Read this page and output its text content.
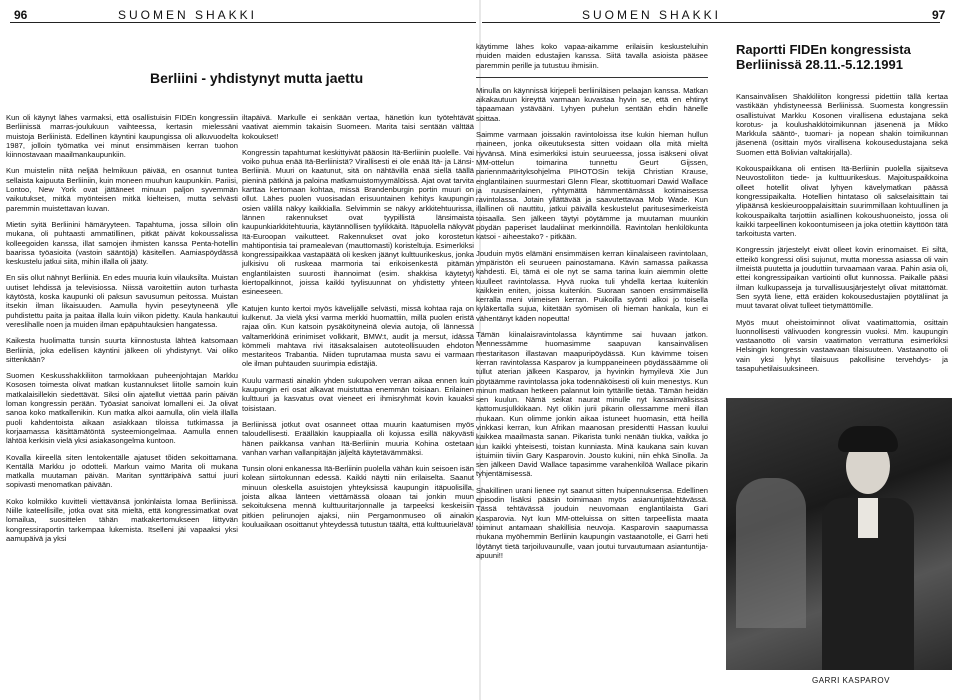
96	SUOMEN SHAKKI
Berliini - yhdistynyt mutta jaettu

Kun oli käynyt lähes varmaksi, että osallistuisin FIDEn kongressiin Berliinissä marras-joulukuun vaihteessa, kertasin mielessäni muistoja Berliinistä. Edellinen käyntini kaupungissa oli alkuvuodelta 1987, jolloin työmatka vei minut ensimmäisen kerran tuohon kiinnostavaan maailmankaupunkiin.

Kun muistelin niitä neljää helmikuun päivää, en osannut tuntea sellaista kaipuuta Berliiniin, kuin moneen muuhun kaupunkiin. Pariisi, Lontoo, New York ovat jättäneet minuun paljon syvemmän vaikutukset, mitkä myönteisen mitkä kielteisen, mutta selvästi paremmin muistettavan kuvan.

Mietin syitä Berliinini hämäryyteen. Tapahtuma, jossa silloin olin mukana, oli puhtaasti ammatillinen, pitkät päivät kokoussalissa kolleegoiden kanssa, illat samojen ihmisten kanssa Penta-hotellin baarissa työasioita (vastoin sääntöjä) käsitellen. Aamiaspöydässä keskustelu jatkui siitä, mihin illalla oli jääty.

En siis ollut nähnyt Berliiniä. En edes muuria kuin vilauksilta. Muistan uutiset lehdissä ja televisiossa. Niissä varoitettiin auton turhasta käytöstä, koska kaupunki oli paksun savusumun peitossa. Muistan itsekin ilman likaisuuden. Aamulla hyvin peseytyneenä ylle puhdistettu paita ja paitaa illalla kuin viikon pidetty. Kaula hankautui vereslihalle noen ja muiden ilman epäpuhtauksien hangatessa.

Kaikesta huolimatta tunsin suurta kiinnostusta lähteä katsomaan Berliiniä, joka edellisen käyntini jälkeen oli yhdistynyt. Vai oliko sittenkään?

Suomen Keskusshakkiliiton tarmokkaan puheenjohtajan Markku Kososen toimesta olivat matkan kustannukset liitolle samoin kuin matkalaisillekin siedettävät. Siksi olin ajatellut viettää parin päivän loman kongressin perään. Työasiat sanoivat lomalleni ei. Ja olivat sanoa koko matkallenikin. Kun matka alkoi aamulla, olin vielä illalla puoli kahdentoista aikaan asiakkaan tiloissa tutkimassa ja korjaamassa käsittämätöntä systeemiongelmaa. Aamulla ennen lähtöä kerkisin vielä yksi asiakasongelma kuntoon.

Kovalla kiireellä siten lentokentälle ajatuset tõiden sekoittamana. Kentällä Markku jo odotteli. Markun vaimo Marita oli mukana matkalla muutaman päivän. Maritan synttäripäivä sattui juuri sopivasti menomatkan päivään.

Koko kolmikko kuvitteli viettävänsä jonkinlaista lomaa Berliinissä. Niille kateellisille, jotka ovat sitä mieltä, että kongressimatkat ovat lomailua, suosittelen tähän matkakertomukseen liittyvän kongressiraportin tarkempaa lukemista. Itselleni jäi vapaaksi yksi aamupäivä ja yksi

iltapäivä. Markulle ei senkään vertaa, hänetkin kun työtehtävät vaativat aiemmin takaisin Suomeen. Marita taisi sentään välttää kokoukset!

Kongressin tapahtumat keskittyivät pääosin Itä-Berliinin puolelle. Vai voiko puhua enää Itä-Berliinistä? Virallisesti ei ole enää Itä- ja Länsi-Berliiniä. Muuri on kaatunut, sitä on nähtävillä enää siellä täällä pieninä pätkinä ja paloina matkamuistomyymälöissä. Ajat ovat tarvita karttaa kertomaan kohtaa, missä Brandenburgin portin muuri on ollut. Lähes puolen vuosisadan erisuuntainen kehitys kaupungin osien välillä näkyy kaikkialla. Selvimmin se näkyy arkkitehtuurissa, lännen rakennukset ovat tyypillistä länsimaista kaupunkiarkkitehtuuria, käytännöllisen tyylikkäitä. Itäpuolella näkyvät Itä-Euroopan vaikutteet. Rakennukset ovat joko korostetun mahtipontisia tai pramealevan (mauttomasti) koristeltuja. Esimerkiksi kongressipaikkaa vastapäätä oli kesken jäänyt kulttuurikeskus, jonka julkisivu oli ruskeaa marmoria tai erikoisenkestä pitämän englantilaisten suurosti ihannoimat (esim. shakkisa käytetyt) kiertopalkinnot, joissa kaikki tyylisuunnat on yhdistetty yhteen esineeseen.

Katujen kunto kertoi myös kävelijälle selvästi, missä kohtaa raja on kulkenut. Ja vielä yksi varma merkki huomattiin, millä puolen eristä rajaa olin. Kun katsoin pysäköityneinä olevia autoja, oli lännessä valtamerkkinä erinimiset volkkarit, BMW:t, audit ja mersut, idässä kömmeli mahtava rivi itäsaksalaisen autoteollisuuden ehdoton mestariteos Trabantia. Niiden tuprutamaa musta savu ei varmaan ole ilman puhtauden suurimpia edistäjiä.

Kuulu varmasti ainakin yhden sukupolven verran aikaa ennen kuin kaupungin eri osat alkavat muistuttaa enemmän toisiaan. Erilainen kulttuuri ja kasvatus ovat vieneet eri ihmisryhmät kovin kauaksi toisistaan.

Berliinissä jotkut ovat osanneet ottaa muurin kaatumisen myös taloudellisesti. Eräälläkin kauppiaalla oli kojussa esillä näkyvästi hänen paikkansa vanhan Itä-Berliinin muuria Kohina ostetaan vanhan varhan vallanpitäjän jäljeltä käytetävämmäksi.

Tunsin oloni enkanessa Itä-Berliinin puolella vähän kuin seisoen isän kolean siirtokunnan edessä. Kaikki näytti niin erilaiselta. Saanut minuun oleskella asuistojen yhteyksissä kaupungin itäpuolisilla, joista alkaa länteen viettämässä oloaan tai jonkin muun sekoituksena mennä kulttuuritarjonnalle ja tarpeeksi keskeisiin pitkien pelirunojen ajaksi, niin Pergamonmuseo oli ainakin kouluaikaan osoittanut yhteydessä tutustun täältä, että kulttuurielävä!

SUOMEN SHAKKI	97

käytimme lähes koko vapaa-aikamme erilaisiin keskusteluihin muiden maiden edustajien kanssa. Siitä tavalla asioista pääsee paremmin perille ja tutustuu ihmisiin.

Minulla on käynnissä kirjepeli berliiniläisen pelaajan kanssa. Matkan aikakautuun kireyttä varmaan kuvastaa hyvin se, että en ehtinyt tapaamaan ystävääni. Lyhyen puhelun sentään ehdin hänelle soittaa.

Saimme varmaan joissakin ravintoloissa itse kukin hieman hullun maineen, jonka oikeutuksesta sitten voidaan olla mitä mieltä hyvänsä. Minä esimerkiksi istuin seurueessa, jossa isäkseni olivat MM-ottelun toimarina tunnettu Geurt Gijssen, pariennmaärityksohjelma PIHOTOSin tekijä Christian Krause, englantilainen suurmestari Glenn Flear, skottituomari Dawid Wallace ja ruusisenlainen, ryhtymättä hämmentämässä kotimaisessa ravintolassa. Jotain yllättävää ja saavutettavaa Mob Wade. Kun illallinen oli nauttitu, jatkui päivällä keskustelut paritusesimerkeistä toisaalla. Sen jälkeen täytyi pöytämme ja muutaman muunkin pöydän paperiset laudaliinat merkinnöillä. Ravintolan henkilökunta katsoi - aiheestako? - pitkään.

Jouduin myös elämäni ensimmäisen kerran kiinalaiseen ravintolaan, ympäristön eli seurueen painostamana. Kävin samassa paikassa kahdesti. Ei, tämä ei ole nyt se sama tarina kuin aiemmin olette kuulleet ravintolassa. Hyvä ruoka tuli yhdellä kertaa kuitenkin kaikkein eniten, joissa kuitenkin. Suoraan sanoen ensimmäisellä kerralla meni viimeisen kerran. Puikoilla syönti alkoi jo toisella kyläkertalla sujua, kiitetään syömisen oli hieman hankala, kun ei vähentänyt käden nopeutta!

Tämän kiinalaisravintolassa käyntimme sai huvaan jatkon. Mennessämme huomasimme saapuvan kansainvälisen mestaritason illastavan maapuripöydässä. Kun kävimme toisen kerran ravintolassa Kasparov ja kumppaneineen pöydässäämme oli tullut aterian jälkeen Kasparov, ja hyvinkin hymyilevä Xie Jun pöytäämme ravintolassa joka todennäköisesti oli kuin menestys. Kun minun matkaan hetkeen palannut loin tyttärille tietää. Tämän heidän sen kuulun. Nämä seikat naurat minulle nyt kansainvälisissä kattomusjulkkikaan. Nyt olikin jurii pikarin ollessamme meni illan mukaan. Kun olimme jonkin aikaa istuneet huomasin, että heillä vinkkasi kerran, kun Afrikan maanosan presidentti Hassan kuului kaikkea maailmasta sanan. Pikarista tunki nenään tiukka, vaikka jo kun kaikki yhteisesti, toistan kunniasta. Minä kaukana sain kuvan istuimiin tiiviin Gary Kasparovin. Jousto kukini, niin ehkä Sinolla. Ja sen jälkeen David Wallace tapasimme varahenkilöä Wallace pikarin tyhjentämisessä.

Shakillinen urani lienee nyt saanut sitten huipennuksensa. Edellinen episodin lisäksi pääsin toimimaan myös asianuntijatehtävässä. Tässä tehtävässä jouduin neuvomaan englantilaista Gari Kasparovia. Nyt kun MM-otteluissa on sitten tarpeellista maata toiminut antamaan shakillisia neuvoja. Kasparovin saapumassa mukana myöhemmin Berliinin kaupungin vastaanotolle, ei Garri heti löytänyt tietä tarjoiluvaunulle, vaan joutui turvautumaan asiantuntija-apuuni!!

Raportti FIDEn kongressista Berliinissä 28.11.-5.12.1991

Kansainvälisen Shakkiliiton kongressi pidettiin tällä kertaa vastikään yhdistyneessä Berliinissä. Suomesta kongressiin osallistuivat Markku Kosonen virallisena edustajana sekä korotus- ja koulushakkitoimikunnan jäsenenä ja Mikko Markkula sääntö-, tuomari- ja nopean shakin toimikunnan jäsenenä (osittain myös virallisena kokousedustajana sekä Suomen että Bolivian valtakirjalla).

Kokouspaikkana oli entisen Itä-Berliinin puolella sijaitseva Neuvostoliiton tiede- ja kulttuurikeskus. Majoituspaikkoina olleet hotellit olivat lyhyen kävelymatkan päässä kongressipaikalta. Hotellien hintataso oli sakselaisittain tai ylipäänsä keskieurooppalaisittain suurimmillaan kohtuullinen ja kokouspaikalta tarjottiin asiallinen kokoushuoneisto, jossa oli kaikki tarpeellinen kokoontumiseen ja joka otettiin käyttöön tätä tarkoitusta varten.

Kongressin järjestelyt eivät olleet kovin erinomaiset. Ei siltä, etteikö kongressi olisi sujunut, mutta monessa asiassa oli vain ilmeistä puutetta ja jouduttiin turvaamaan varaa. Pahin asia oli, ettei kongressipaikan vartiointi ollut kunnossa. Paikalle pääsi ilman kulkupasseja ja turvallisuusjärjestelyt olivat mitättömät. Sen syytä liene, että eräiden kokousedustajien pöytäliinat ja muut tavarat olivat tulleet tietymättömille.

Myös muut oheistoiminnot olivat vaatimattomia, osittain luonnollisesti välivuoden kongressin vuoksi. Mm. kaupungin vastaanotto oli varsin vaatimaton verrattuna esimerkiksi Helsingin kongressin vastaavaan tilaisuuteen. Vastaanotto oli vain yksi lyhyt tilaisuus pakollisine tervehdys- ja tasapuhetilaisuuksineen.

GARRI KASPAROV
